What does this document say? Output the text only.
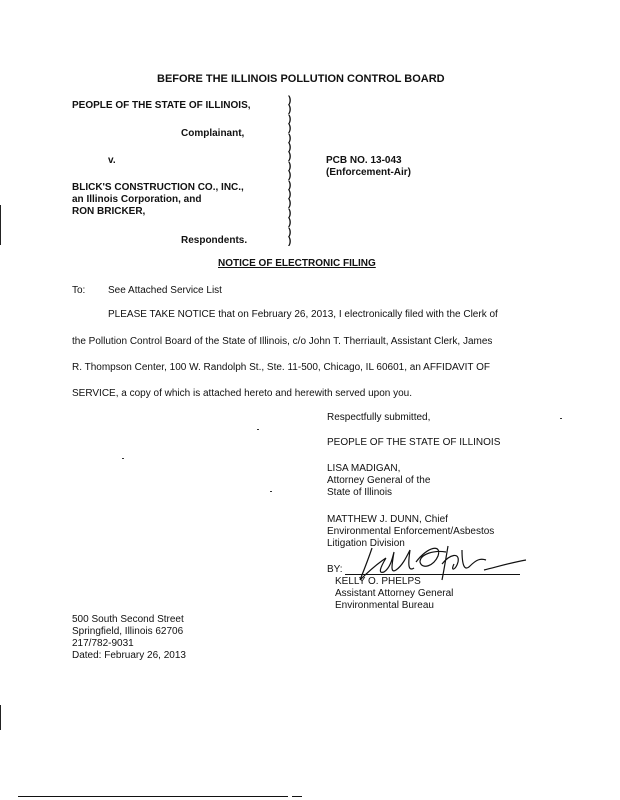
BEFORE THE ILLINOIS POLLUTION CONTROL BOARD
PEOPLE OF THE STATE OF ILLINOIS,
Complainant,
v.
BLICK'S CONSTRUCTION CO., INC.,
an Illinois Corporation, and
RON BRICKER,
Respondents.
)
)
)
)
)
)
)
)
)
)
)
)
)
)
)
)
PCB NO. 13-043
(Enforcement-Air)
NOTICE OF ELECTRONIC FILING
To: See Attached Service List
PLEASE TAKE NOTICE that on February 26, 2013, I electronically filed with the Clerk of
the Pollution Control Board of the State of Illinois, c/o John T. Therriault, Assistant Clerk, James
R. Thompson Center, 100 W. Randolph St., Ste. 11-500, Chicago, IL 60601, an AFFIDAVIT OF
SERVICE, a copy of which is attached hereto and herewith served upon you.
Respectfully submitted,
PEOPLE OF THE STATE OF ILLINOIS
LISA MADIGAN,
Attorney General of the
State of Illinois
MATTHEW J. DUNN, Chief
Environmental Enforcement/Asbestos
Litigation Division
BY:
KELLY O. PHELPS
Assistant Attorney General
Environmental Bureau
500 South Second Street
Springfield, Illinois 62706
217/782-9031
Dated: February 26, 2013
